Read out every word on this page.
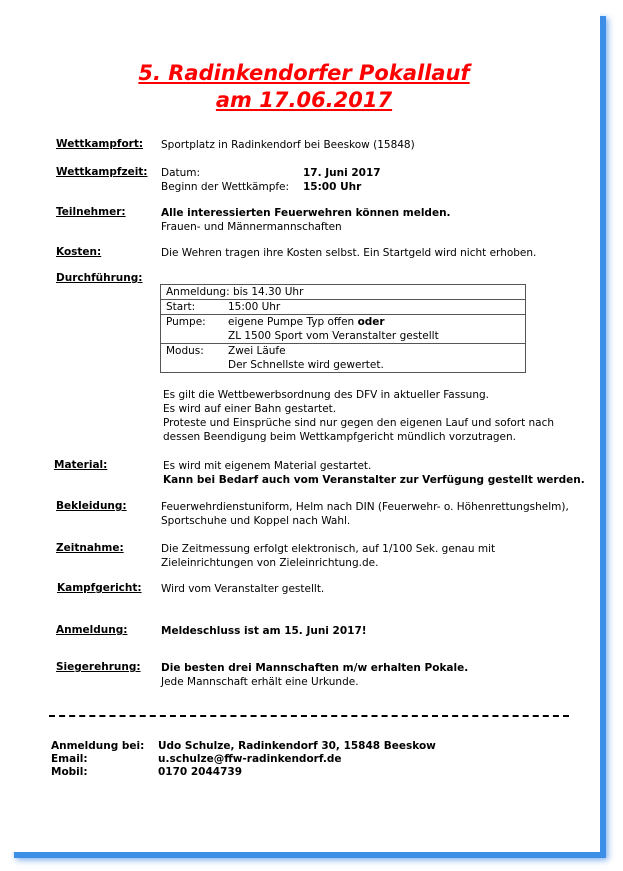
5. Radinkendorfer Pokallauf
am 17.06.2017
Wettkampfort: Sportplatz in Radinkendorf bei Beeskow (15848)
Wettkampfzeit: Datum:	17. Juni 2017
Beginn der Wettkämpfe: 15:00 Uhr
Teilnehmer:	Alle interessierten Feuerwehren können melden.
Frauen- und Männermannschaften
Kosten:	Die Wehren tragen ihre Kosten selbst. Ein Startgeld wird nicht erhoben.
Durchführung:
Anmeldung: bis 14.30 Uhr
Start:	15:00 Uhr
Pumpe: eigene Pumpe Typ offen oder
ZL 1500 Sport vom Veranstalter gestellt
Modus: Zwei Läufe
Der Schnellste wird gewertet.
Es gilt die Wettbewerbsordnung des DFV in aktueller Fassung.
Es wird auf einer Bahn gestartet.
Proteste und Einsprüche sind nur gegen den eigenen Lauf und sofort nach
dessen Beendigung beim Wettkampfgericht mündlich vorzutragen.
Material:	Es wird mit eigenem Material gestartet.
Kann bei Bedarf auch vom Veranstalter zur Verfügung gestellt werden.
Bekleidung:	Feuerwehrdienstuniform, Helm nach DIN (Feuerwehr- o. Höhenrettungshelm),
Sportschuhe und Koppel nach Wahl.
Zeitnahme:	Die Zeitmessung erfolgt elektronisch, auf 1/100 Sek. genau mit
Zieleinrichtungen von Zieleinrichtung.de.
Kampfgericht: Wird vom Veranstalter gestellt.
Anmeldung:	Meldeschluss ist am 15. Juni 2017!
Siegerehrung: Die besten drei Mannschaften m/w erhalten Pokale.
Jede Mannschaft erhält eine Urkunde.
Anmeldung bei: Udo Schulze, Radinkendorf 30, 15848 Beeskow
Email:	u.schulze@ffw-radinkendorf.de
Mobil:	0170 2044739
